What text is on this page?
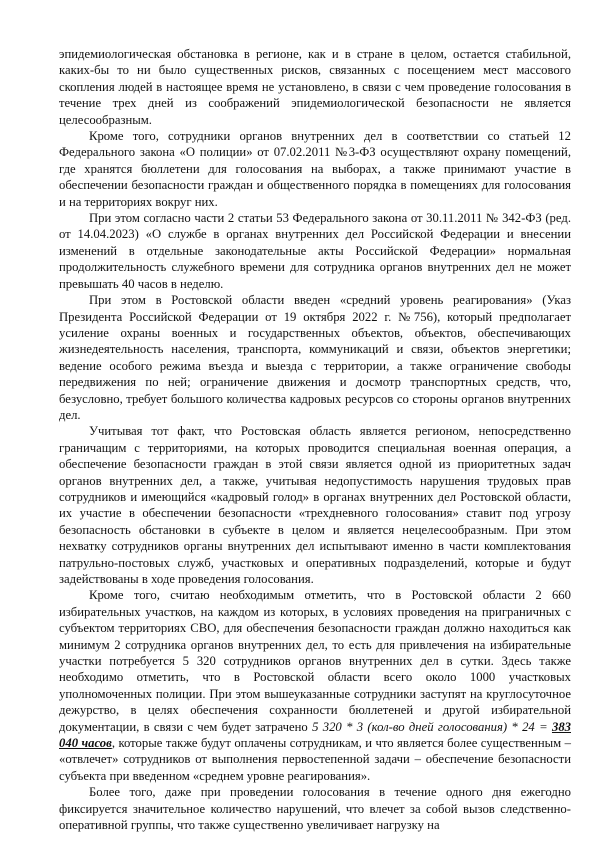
эпидемиологическая обстановка в регионе, как и в стране в целом, остается стабильной, каких-бы то ни было существенных рисков, связанных с посещением мест массового скопления людей в настоящее время не установлено, в связи с чем проведение голосования в течение трех дней из соображений эпидемиологической безопасности не является целесообразным.

Кроме того, сотрудники органов внутренних дел в соответствии со статьей 12 Федерального закона «О полиции» от 07.02.2011 №3-ФЗ осуществляют охрану помещений, где хранятся бюллетени для голосования на выборах, а также принимают участие в обеспечении безопасности граждан и общественного порядка в помещениях для голосования и на территориях вокруг них.

При этом согласно части 2 статьи 53 Федерального закона от 30.11.2011 № 342-ФЗ (ред. от 14.04.2023) «О службе в органах внутренних дел Российской Федерации и внесении изменений в отдельные законодательные акты Российской Федерации» нормальная продолжительность служебного времени для сотрудника органов внутренних дел не может превышать 40 часов в неделю.

При этом в Ростовской области введен «средний уровень реагирования» (Указ Президента Российской Федерации от 19 октября 2022 г. №756), который предполагает усиление охраны военных и государственных объектов, объектов, обеспечивающих жизнедеятельность населения, транспорта, коммуникаций и связи, объектов энергетики; ведение особого режима въезда и выезда с территории, а также ограничение свободы передвижения по ней; ограничение движения и досмотр транспортных средств, что, безусловно, требует большого количества кадровых ресурсов со стороны органов внутренних дел.

Учитывая тот факт, что Ростовская область является регионом, непосредственно граничащим с территориями, на которых проводится специальная военная операция, а обеспечение безопасности граждан в этой связи является одной из приоритетных задач органов внутренних дел, а также, учитывая недопустимость нарушения трудовых прав сотрудников и имеющийся «кадровый голод» в органах внутренних дел Ростовской области, их участие в обеспечении безопасности «трехдневного голосования» ставит под угрозу безопасность обстановки в субъекте в целом и является нецелесообразным. При этом нехватку сотрудников органы внутренних дел испытывают именно в части комплектования патрульно-постовых служб, участковых и оперативных подразделений, которые и будут задействованы в ходе проведения голосования.

Кроме того, считаю необходимым отметить, что в Ростовской области 2 660 избирательных участков, на каждом из которых, в условиях проведения на приграничных с субъектом территориях СВО, для обеспечения безопасности граждан должно находиться как минимум 2 сотрудника органов внутренних дел, то есть для привлечения на избирательные участки потребуется 5 320 сотрудников органов внутренних дел в сутки. Здесь также необходимо отметить, что в Ростовской области всего около 1000 участковых уполномоченных полиции. При этом вышеуказанные сотрудники заступят на круглосуточное дежурство, в целях обеспечения сохранности бюллетеней и другой избирательной документации, в связи с чем будет затрачено 5 320 * 3 (кол-во дней голосования) * 24 = 383 040 часов, которые также будут оплачены сотрудникам, и что является более существенным – «отвлечет» сотрудников от выполнения первостепенной задачи – обеспечение безопасности субъекта при введенном «среднем уровне реагирования».

Более того, даже при проведении голосования в течение одного дня ежегодно фиксируется значительное количество нарушений, что влечет за собой вызов следственно-оперативной группы, что также существенно увеличивает нагрузку на
